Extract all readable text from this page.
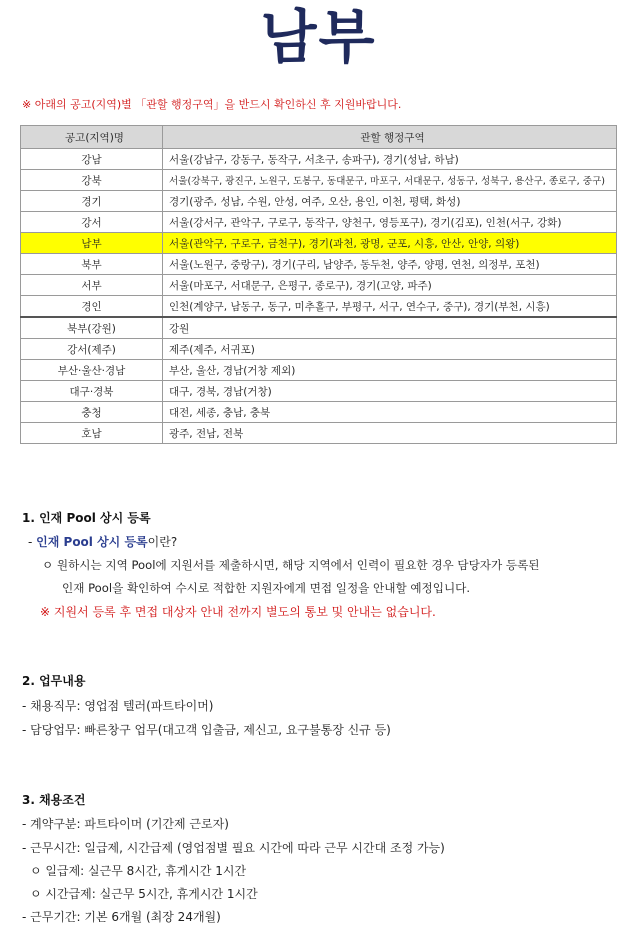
남부
※ 아래의 공고(지역)별 「관할 행정구역」을 반드시 확인하신 후 지원바랍니다.
공고(지역)명	관할 행정구역
강남	서울(강남구, 강동구, 동작구, 서초구, 송파구), 경기(성남, 하남)
강북	서울(강북구, 광진구, 노원구, 도봉구, 동대문구, 마포구, 서대문구, 성동구, 성북구, 용산구, 종로구, 중구)
경기	경기(광주, 성남, 수원, 안성, 여주, 오산, 용인, 이천, 평택, 화성)
강서	서울(강서구, 관악구, 구로구, 동작구, 양천구, 영등포구), 경기(김포), 인천(서구, 강화)
남부	서울(관악구, 구로구, 금천구), 경기(과천, 광명, 군포, 시흥, 안산, 안양, 의왕)
북부	서울(노원구, 중랑구), 경기(구리, 남양주, 동두천, 양주, 양평, 연천, 의정부, 포천)
서부	서울(마포구, 서대문구, 은평구, 종로구), 경기(고양, 파주)
경인	인천(계양구, 남동구, 동구, 미추홀구, 부평구, 서구, 연수구, 중구), 경기(부천, 시흥)
북부(강원)	강원
강서(제주)	제주(제주, 서귀포)
부산·울산·경남	부산, 울산, 경남(거창 제외)
대구·경북	대구, 경북, 경남(거창)
충청	대전, 세종, 충남, 충북
호남	광주, 전남, 전북
1. 인재 Pool 상시 등록
- 인재 Pool 상시 등록이란?
ㅇ 원하시는 지역 Pool에 지원서를 제출하시면, 해당 지역에서 인력이 필요한 경우 담당자가 등록된
인재 Pool을 확인하여 수시로 적합한 지원자에게 면접 일정을 안내할 예정입니다.
※ 지원서 등록 후 면접 대상자 안내 전까지 별도의 통보 및 안내는 없습니다.
2. 업무내용
- 채용직무: 영업점 텔러(파트타이머)
- 담당업무: 빠른창구 업무(대고객 입출금, 제신고, 요구불통장 신규 등)
3. 채용조건
- 계약구분: 파트타이머 (기간제 근로자)
- 근무시간: 일급제, 시간급제 (영업점별 필요 시간에 따라 근무 시간대 조정 가능)
ㅇ 일급제: 실근무 8시간, 휴게시간 1시간
ㅇ 시간급제: 실근무 5시간, 휴게시간 1시간
- 근무기간: 기본 6개월 (최장 24개월)
